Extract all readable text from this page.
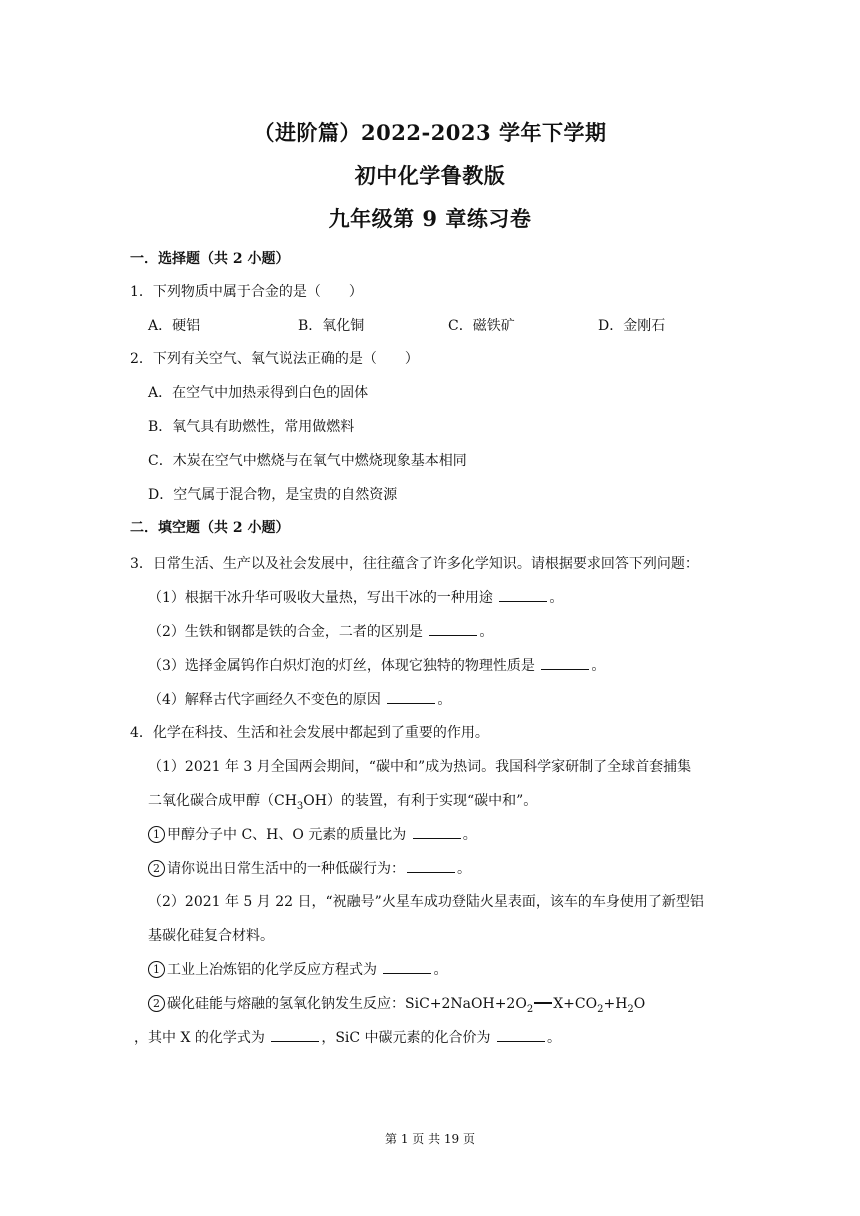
（进阶篇）2022-2023 学年下学期
初中化学鲁教版
九年级第 9 章练习卷
一．选择题（共 2 小题）
1．下列物质中属于合金的是（　　）
A．硬铝	B．氧化铜	C．磁铁矿	D．金刚石
2．下列有关空气、氧气说法正确的是（　　）
A．在空气中加热汞得到白色的固体
B．氧气具有助燃性，常用做燃料
C．木炭在空气中燃烧与在氧气中燃烧现象基本相同
D．空气属于混合物，是宝贵的自然资源
二．填空题（共 2 小题）
3．日常生活、生产以及社会发展中，往往蕴含了许多化学知识。请根据要求回答下列问题：
（1）根据干冰升华可吸收大量热，写出干冰的一种用途	。
（2）生铁和钢都是铁的合金，二者的区别是	。
（3）选择金属钨作白炽灯泡的灯丝，体现它独特的物理性质是	。
（4）解释古代字画经久不变色的原因	。
4．化学在科技、生活和社会发展中都起到了重要的作用。
（1）2021 年 3 月全国两会期间，“碳中和”成为热词。我国科学家研制了全球首套捕集
二氧化碳合成甲醇$(CH_3OH)$的装置，有利于实现“碳中和”。
1 甲醇分子中 C、H、O 元素的质量比为	。
2 请你说出日常生活中的一种低碳行为：	。
（2）2021 年 5 月 22 日，“祝融号”火星车成功登陆火星表面，该车的车身使用了新型铝
基碳化硅复合材料。
1 工业上冶炼铝的化学反应方程式为	。
2 碳化硅能与熔融的氢氧化钠发生反应：$SiC+2NaOH+2O_2$ $X+CO_2+H_2O$
，其中 X 的化学式为	，SiC 中碳元素的化合价为	。
第 1 页 共 19 页
